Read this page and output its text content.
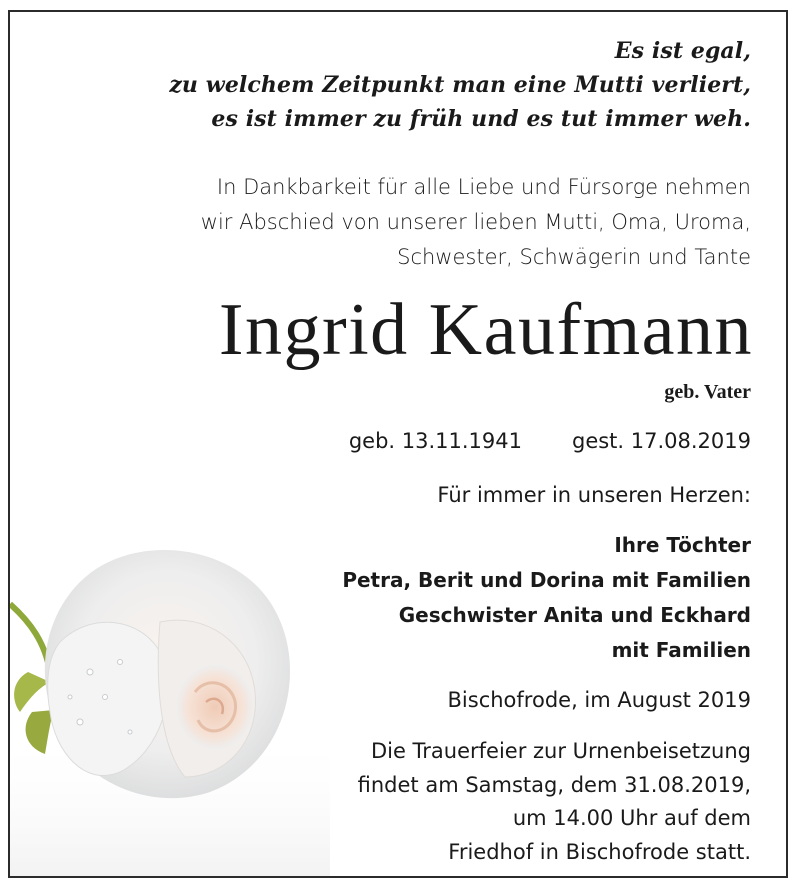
Es ist egal,
zu welchem Zeitpunkt man eine Mutti verliert,
es ist immer zu früh und es tut immer weh.
In Dankbarkeit für alle Liebe und Fürsorge nehmen
wir Abschied von unserer lieben Mutti, Oma, Uroma,
Schwester, Schwägerin und Tante
Ingrid Kaufmann
geb. Vater
geb. 13.11.1941 gest. 17.08.2019
Für immer in unseren Herzen:
Ihre Töchter
Petra, Berit und Dorina mit Familien
Geschwister Anita und Eckhard
mit Familien
Bischofrode, im August 2019
Die Trauerfeier zur Urnenbeisetzung
findet am Samstag, dem 31.08.2019,
um 14.00 Uhr auf dem
Friedhof in Bischofrode statt.
